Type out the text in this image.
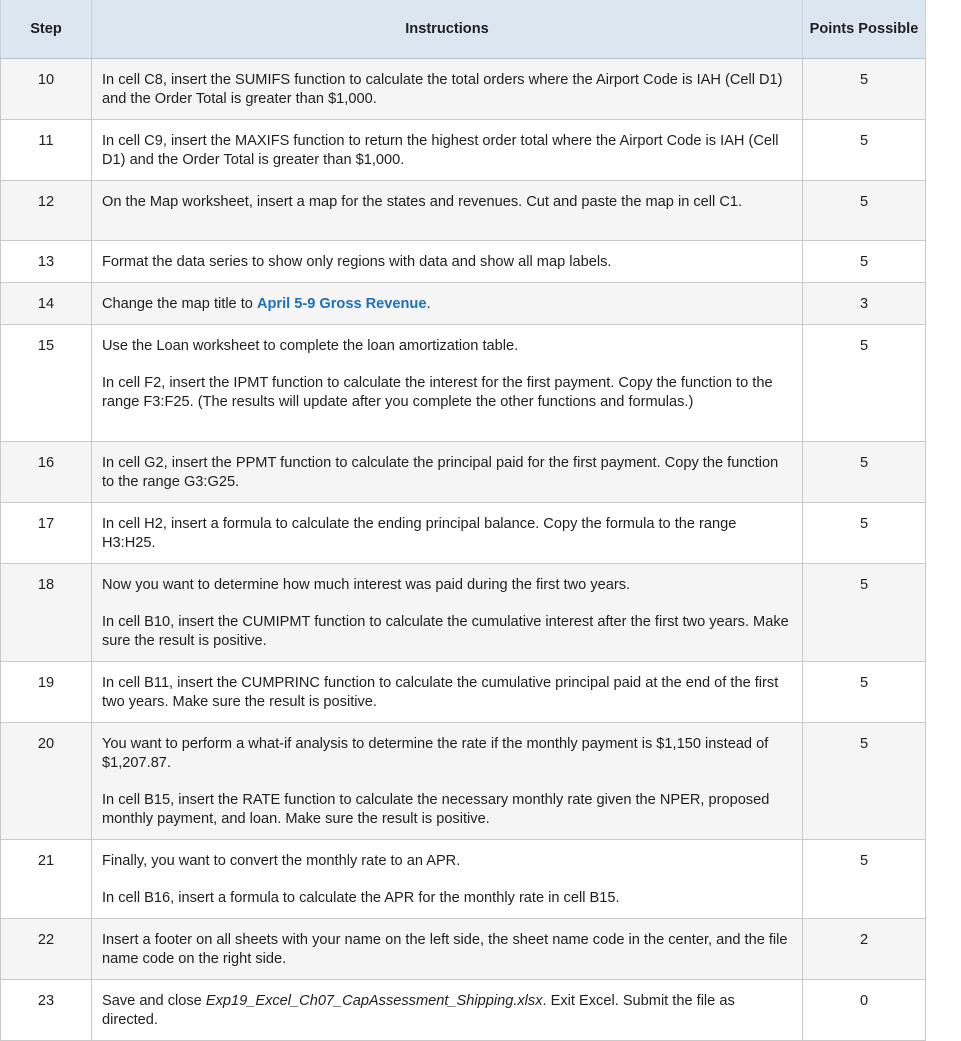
Step	Instructions	Points Possible
10	In cell C8, insert the SUMIFS function to calculate the total orders where the Airport Code is IAH (Cell D1) and the Order Total is greater than $1,000.	5
11	In cell C9, insert the MAXIFS function to return the highest order total where the Airport Code is IAH (Cell D1) and the Order Total is greater than $1,000.	5
12	On the Map worksheet, insert a map for the states and revenues. Cut and paste the map in cell C1.	5
13	Format the data series to show only regions with data and show all map labels.	5
14	Change the map title to April 5-9 Gross Revenue.	3
15	Use the Loan worksheet to complete the loan amortization table.

In cell F2, insert the IPMT function to calculate the interest for the first payment. Copy the function to the range F3:F25. (The results will update after you complete the other functions and formulas.)	5
16	In cell G2, insert the PPMT function to calculate the principal paid for the first payment. Copy the function to the range G3:G25.	5
17	In cell H2, insert a formula to calculate the ending principal balance. Copy the formula to the range H3:H25.	5
18	Now you want to determine how much interest was paid during the first two years.

In cell B10, insert the CUMIPMT function to calculate the cumulative interest after the first two years. Make sure the result is positive.	5
19	In cell B11, insert the CUMPRINC function to calculate the cumulative principal paid at the end of the first two years. Make sure the result is positive.	5
20	You want to perform a what-if analysis to determine the rate if the monthly payment is $1,150 instead of $1,207.87.

In cell B15, insert the RATE function to calculate the necessary monthly rate given the NPER, proposed monthly payment, and loan. Make sure the result is positive.	5
21	Finally, you want to convert the monthly rate to an APR.

In cell B16, insert a formula to calculate the APR for the monthly rate in cell B15.	5
22	Insert a footer on all sheets with your name on the left side, the sheet name code in the center, and the file name code on the right side.	2
23	Save and close Exp19_Excel_Ch07_CapAssessment_Shipping.xlsx. Exit Excel. Submit the file as directed.	0
